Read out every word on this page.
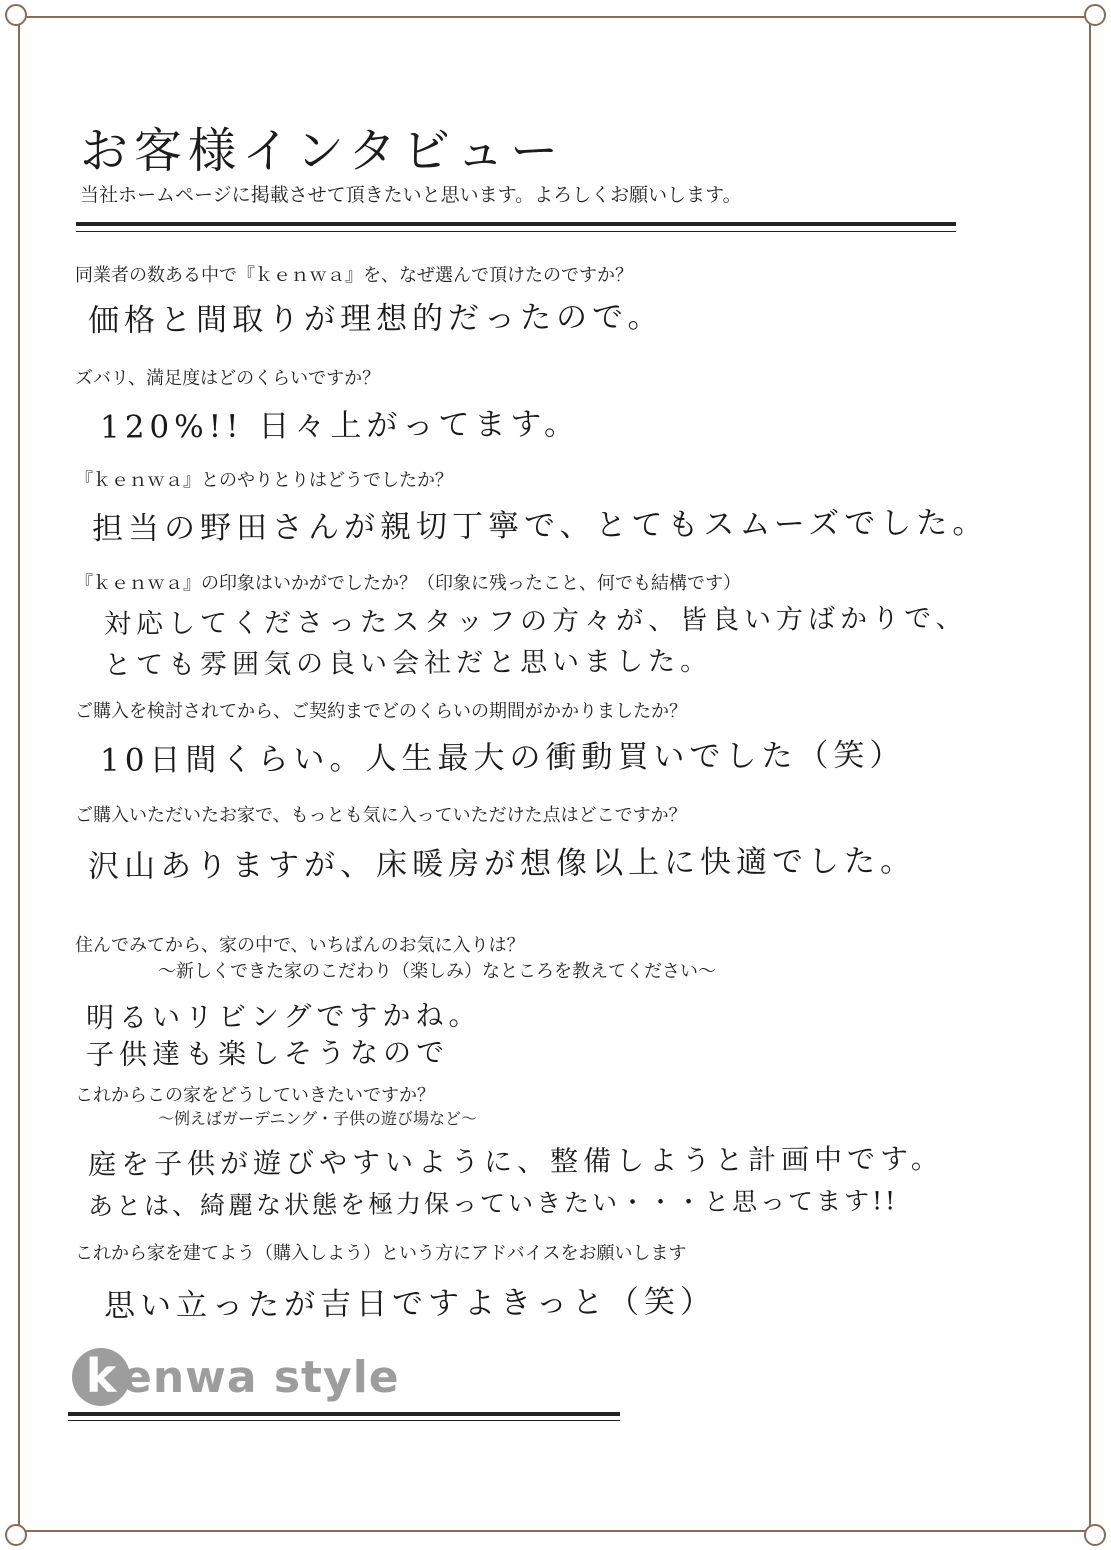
お客様インタビュー
当社ホームページに掲載させて頂きたいと思います。よろしくお願いします。
同業者の数ある中で『ｋｅｎｗａ』を、なぜ選んで頂けたのですか？
価格と間取りが理想的だったので。
ズバリ、満足度はどのくらいですか？
120%!! 日々上がってます。
『ｋｅｎｗａ』とのやりとりはどうでしたか？
担当の野田さんが親切丁寧で、とてもスムーズでした。
『ｋｅｎｗａ』の印象はいかがでしたか？（印象に残ったこと、何でも結構です）
対応してくださったスタッフの方々が、皆良い方ばかりで、
とても雰囲気の良い会社だと思いました。
ご購入を検討されてから、ご契約までどのくらいの期間がかかりましたか？
10日間くらい。人生最大の衝動買いでした（笑）
ご購入いただいたお家で、もっとも気に入っていただけた点はどこですか？
沢山ありますが、床暖房が想像以上に快適でした。
住んでみてから、家の中で、いちばんのお気に入りは？
～新しくできた家のこだわり（楽しみ）なところを教えてください～
明るいリビングですかね。
子供達も楽しそうなので
これからこの家をどうしていきたいですか？
～例えばガーデニング・子供の遊び場など～
庭を子供が遊びやすいように、整備しようと計画中です。
あとは、綺麗な状態を極力保っていきたい・・・と思ってます!!
これから家を建てよう（購入しよう）という方にアドバイスをお願いします
思い立ったが吉日ですよきっと（笑）
k enwa style
